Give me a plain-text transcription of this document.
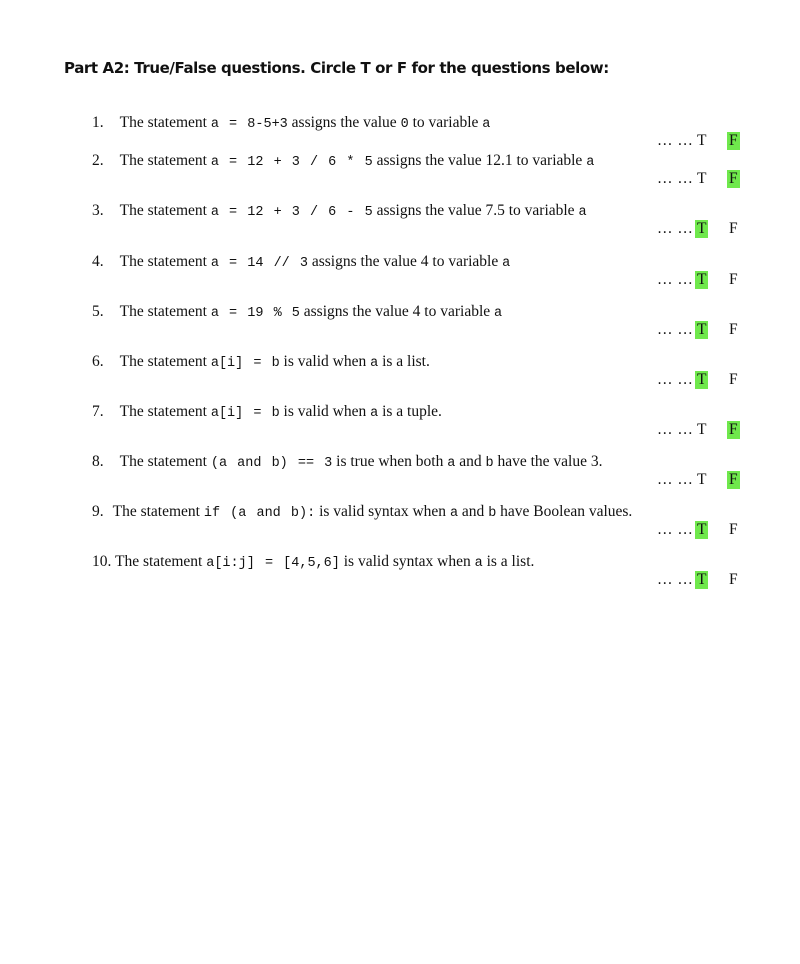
Part A2: True/False questions. Circle T or F for the questions below:
1. The statement a = 8-5+3 assigns the value 0 to variable a
… … T F
2. The statement a = 12 + 3 / 6 * 5 assigns the value 12.1 to variable a
… … T F
3. The statement a = 12 + 3 / 6 - 5 assigns the value 7.5 to variable a
… … T F
4. The statement a = 14 // 3 assigns the value 4 to variable a
… … T F
5. The statement a = 19 % 5 assigns the value 4 to variable a
… … T F
6. The statement a[i] = b is valid when a is a list.
… … T F
7. The statement a[i] = b is valid when a is a tuple.
… … T F
8. The statement (a and b) == 3 is true when both a and b have the value 3.
… … T F
9. The statement if (a and b): is valid syntax when a and b have Boolean values.
… … T F
10. The statement a[i:j] = [4,5,6] is valid syntax when a is a list.
… … T F
